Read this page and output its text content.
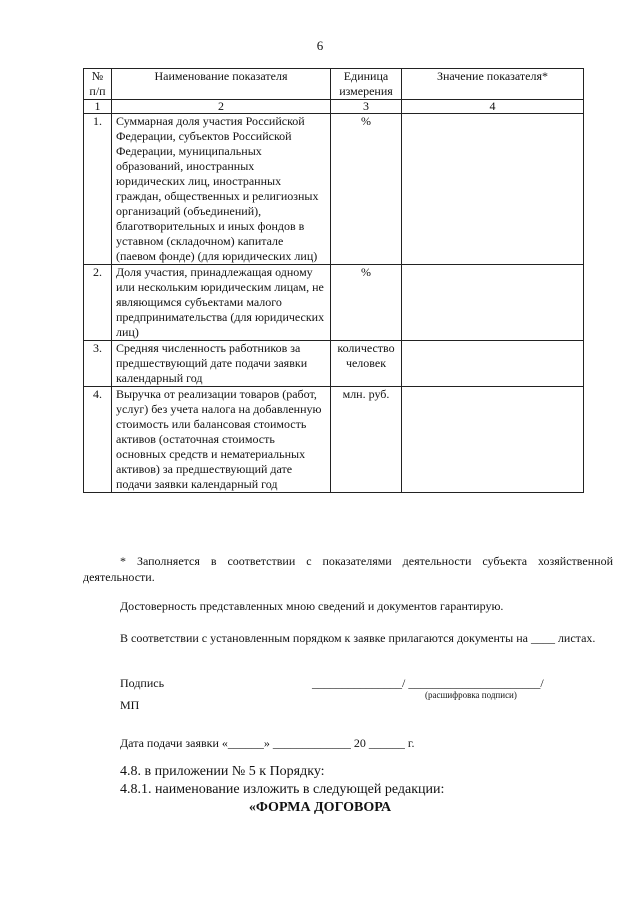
6
№ п/п	Наименование показателя	Единица измерения	Значение показателя*
1	2	3	4
1.	Суммарная доля участия Российской Федерации, субъектов Российской Федерации, муниципальных образований, иностранных юридических лиц, иностранных граждан, общественных и религиозных организаций (объединений), благотворительных и иных фондов в уставном (складочном) капитале (паевом фонде) (для юридических лиц)	%	
2.	Доля участия, принадлежащая одному или нескольким юридическим лицам, не являющимся субъектами малого предпринимательства (для юридических лиц)	%	
3.	Средняя численность работников за предшествующий дате подачи заявки календарный год	количество человек	
4.	Выручка от реализации товаров (работ, услуг) без учета налога на добавленную стоимость или балансовая стоимость активов (остаточная стоимость основных средств и нематериальных активов) за предшествующий дате подачи заявки календарный год	млн. руб.	
* Заполняется в соответствии с показателями деятельности субъекта хозяйственной деятельности.
Достоверность представленных мною сведений и документов гарантирую.
В соответствии с установленным порядком к заявке прилагаются документы на ____ листах.
Подпись	_______________/ ______________________/
(расшифровка подписи)
МП
Дата подачи заявки «______» _____________ 20 ______ г.
4.8. в приложении № 5 к Порядку:
4.8.1. наименование изложить в следующей редакции:
«ФОРМА ДОГОВОРА
